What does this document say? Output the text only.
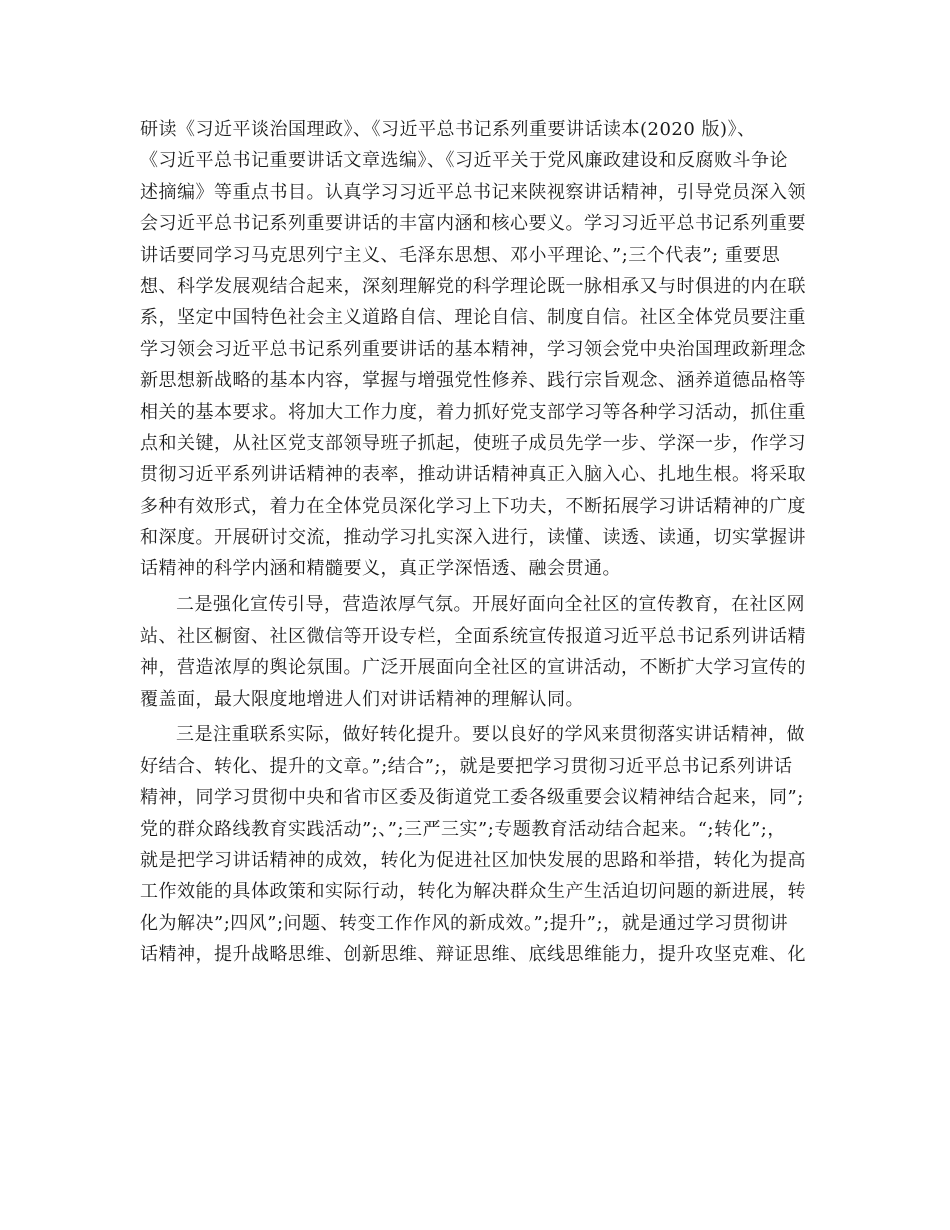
研读《习近平谈治国理政》、《习近平总书记系列重要讲话读本(2020 版)》、
《习近平总书记重要讲话文章选编》、《习近平关于党风廉政建设和反腐败斗争论
述摘编》等重点书目。认真学习习近平总书记来陕视察讲话精神，引导党员深入领
会习近平总书记系列重要讲话的丰富内涵和核心要义。学习习近平总书记系列重要
讲话要同学习马克思列宁主义、毛泽东思想、邓小平理论、”;三个代表”; 重要思
想、科学发展观结合起来，深刻理解党的科学理论既一脉相承又与时俱进的内在联
系，坚定中国特色社会主义道路自信、理论自信、制度自信。社区全体党员要注重
学习领会习近平总书记系列重要讲话的基本精神，学习领会党中央治国理政新理念
新思想新战略的基本内容，掌握与增强党性修养、践行宗旨观念、涵养道德品格等
相关的基本要求。将加大工作力度，着力抓好党支部学习等各种学习活动，抓住重
点和关键，从社区党支部领导班子抓起，使班子成员先学一步、学深一步，作学习
贯彻习近平系列讲话精神的表率，推动讲话精神真正入脑入心、扎地生根。将采取
多种有效形式，着力在全体党员深化学习上下功夫，不断拓展学习讲话精神的广度
和深度。开展研讨交流，推动学习扎实深入进行，读懂、读透、读通，切实掌握讲
话精神的科学内涵和精髓要义，真正学深悟透、融会贯通。
二是强化宣传引导，营造浓厚气氛。开展好面向全社区的宣传教育，在社区网
站、社区橱窗、社区微信等开设专栏，全面系统宣传报道习近平总书记系列讲话精
神，营造浓厚的舆论氛围。广泛开展面向全社区的宣讲活动，不断扩大学习宣传的
覆盖面，最大限度地增进人们对讲话精神的理解认同。
三是注重联系实际，做好转化提升。要以良好的学风来贯彻落实讲话精神，做
好结合、转化、提升的文章。”;结合”;，就是要把学习贯彻习近平总书记系列讲话
精神，同学习贯彻中央和省市区委及街道党工委各级重要会议精神结合起来，同”;
党的群众路线教育实践活动”;、”;三严三实”;专题教育活动结合起来。“;转化”;，
就是把学习讲话精神的成效，转化为促进社区加快发展的思路和举措，转化为提高
工作效能的具体政策和实际行动，转化为解决群众生产生活迫切问题的新进展，转
化为解决”;四风”;问题、转变工作作风的新成效。”;提升”;，就是通过学习贯彻讲
话精神，提升战略思维、创新思维、辩证思维、底线思维能力，提升攻坚克难、化
